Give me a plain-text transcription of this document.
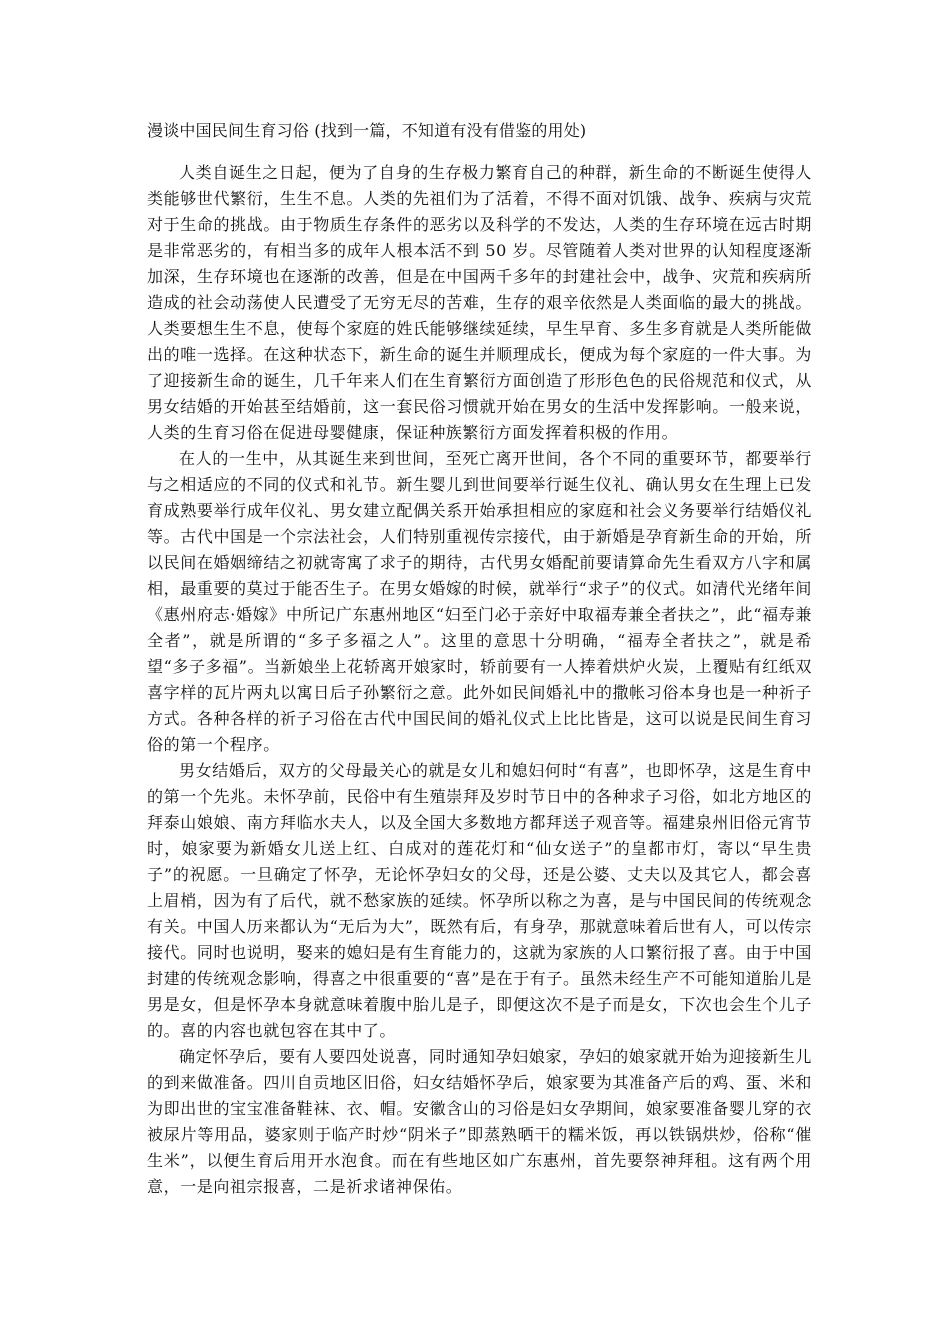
漫谈中国民间生育习俗 (找到一篇，不知道有没有借鉴的用处)

人类自诞生之日起，便为了自身的生存极力繁育自己的种群，新生命的不断诞生使得人类能够世代繁衍，生生不息。人类的先祖们为了活着，不得不面对饥饿、战争、疾病与灾荒对于生命的挑战。由于物质生存条件的恶劣以及科学的不发达，人类的生存环境在远古时期是非常恶劣的，有相当多的成年人根本活不到 50 岁。尽管随着人类对世界的认知程度逐渐加深，生存环境也在逐渐的改善，但是在中国两千多年的封建社会中，战争、灾荒和疾病所造成的社会动荡使人民遭受了无穷无尽的苦难，生存的艰辛依然是人类面临的最大的挑战。人类要想生生不息，使每个家庭的姓氏能够继续延续，早生早育、多生多育就是人类所能做出的唯一选择。在这种状态下，新生命的诞生并顺理成长，便成为每个家庭的一件大事。为了迎接新生命的诞生，几千年来人们在生育繁衍方面创造了形形色色的民俗规范和仪式，从男女结婚的开始甚至结婚前，这一套民俗习惯就开始在男女的生活中发挥影响。一般来说，人类的生育习俗在促进母婴健康，保证种族繁衍方面发挥着积极的作用。

在人的一生中，从其诞生来到世间，至死亡离开世间，各个不同的重要环节，都要举行与之相适应的不同的仪式和礼节。新生婴儿到世间要举行诞生仪礼、确认男女在生理上已发育成熟要举行成年仪礼、男女建立配偶关系开始承担相应的家庭和社会义务要举行结婚仪礼等。古代中国是一个宗法社会，人们特别重视传宗接代，由于新婚是孕育新生命的开始，所以民间在婚姻缔结之初就寄寓了求子的期待，古代男女婚配前要请算命先生看双方八字和属相，最重要的莫过于能否生子。在男女婚嫁的时候，就举行“求子”的仪式。如清代光绪年间《惠州府志·婚嫁》中所记广东惠州地区“妇至门必于亲好中取福寿兼全者扶之”，此“福寿兼全者”，就是所谓的“多子多福之人”。这里的意思十分明确，“福寿全者扶之”，就是希望“多子多福”。当新娘坐上花轿离开娘家时，轿前要有一人捧着烘炉火炭，上覆贴有红纸双喜字样的瓦片两丸以寓日后子孙繁衍之意。此外如民间婚礼中的撒帐习俗本身也是一种祈子方式。各种各样的祈子习俗在古代中国民间的婚礼仪式上比比皆是，这可以说是民间生育习俗的第一个程序。

男女结婚后，双方的父母最关心的就是女儿和媳妇何时“有喜”，也即怀孕，这是生育中的第一个先兆。未怀孕前，民俗中有生殖崇拜及岁时节日中的各种求子习俗，如北方地区的拜泰山娘娘、南方拜临水夫人，以及全国大多数地方都拜送子观音等。福建泉州旧俗元宵节时，娘家要为新婚女儿送上红、白成对的莲花灯和“仙女送子”的皇都市灯，寄以“早生贵子”的祝愿。一旦确定了怀孕，无论怀孕妇女的父母，还是公婆、丈夫以及其它人，都会喜上眉梢，因为有了后代，就不愁家族的延续。怀孕所以称之为喜，是与中国民间的传统观念有关。中国人历来都认为“无后为大”，既然有后，有身孕，那就意味着后世有人，可以传宗接代。同时也说明，娶来的媳妇是有生育能力的，这就为家族的人口繁衍报了喜。由于中国封建的传统观念影响，得喜之中很重要的“喜”是在于有子。虽然未经生产不可能知道胎儿是男是女，但是怀孕本身就意味着腹中胎儿是子，即便这次不是子而是女，下次也会生个儿子的。喜的内容也就包容在其中了。

确定怀孕后，要有人要四处说喜，同时通知孕妇娘家，孕妇的娘家就开始为迎接新生儿的到来做准备。四川自贡地区旧俗，妇女结婚怀孕后，娘家要为其准备产后的鸡、蛋、米和为即出世的宝宝准备鞋袜、衣、帽。安徽含山的习俗是妇女孕期间，娘家要准备婴儿穿的衣被尿片等用品，婆家则于临产时炒“阴米子”即蒸熟晒干的糯米饭，再以铁锅烘炒，俗称“催生米”，以便生育后用开水泡食。而在有些地区如广东惠州，首先要祭神拜租。这有两个用意，一是向祖宗报喜，二是祈求诸神保佑。
